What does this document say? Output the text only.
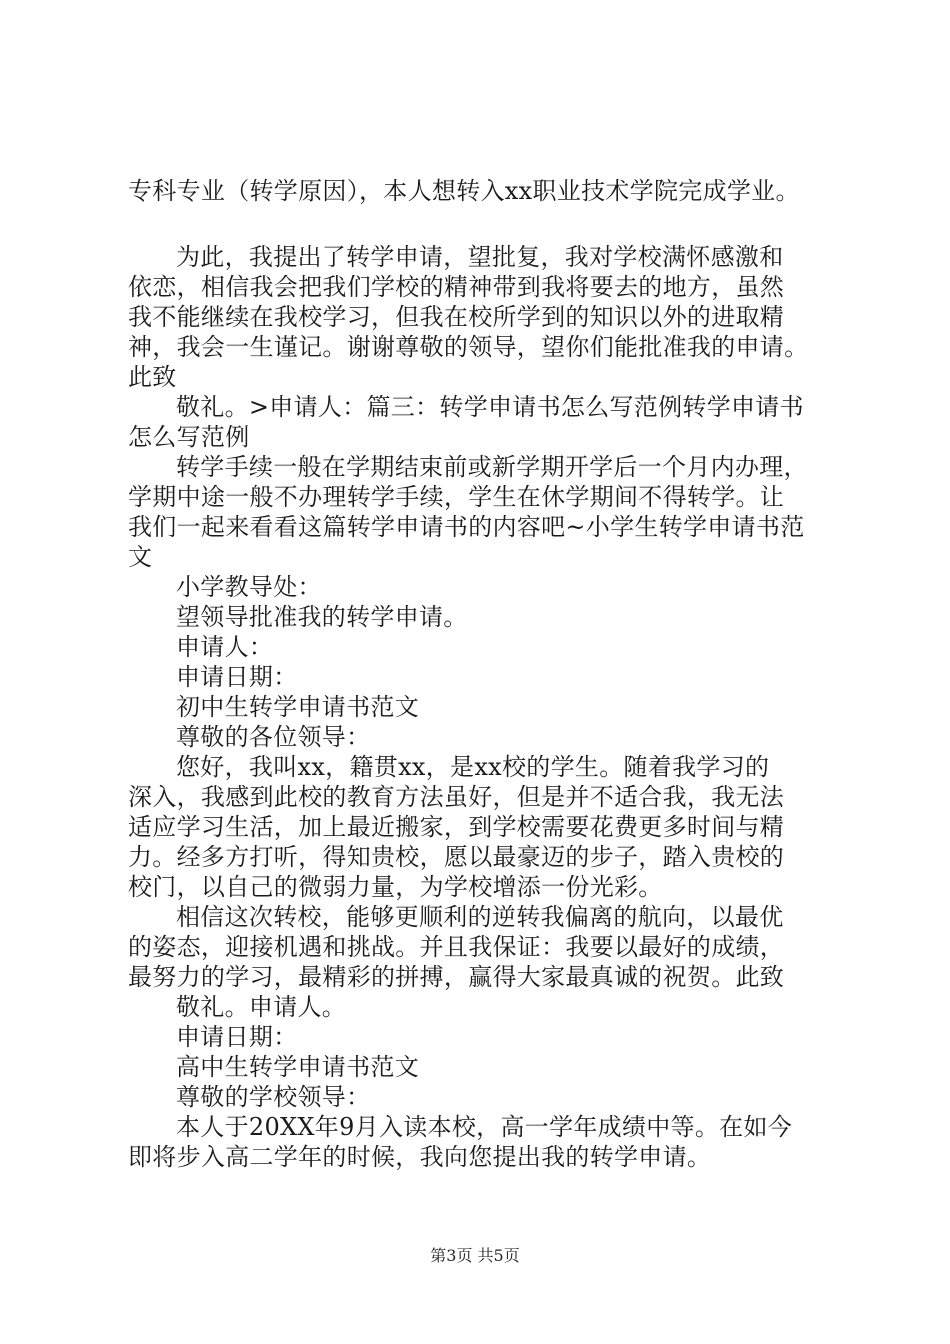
专科专业（转学原因），本人想转入xx职业技术学院完成学业。
为此，我提出了转学申请，望批复，我对学校满怀感激和
依恋，相信我会把我们学校的精神带到我将要去的地方，虽然
我不能继续在我校学习，但我在校所学到的知识以外的进取精
神，我会一生谨记。谢谢尊敬的领导，望你们能批准我的申请。
此致
敬礼。>申请人：篇三：转学申请书怎么写范例转学申请书
怎么写范例
转学手续一般在学期结束前或新学期开学后一个月内办理，
学期中途一般不办理转学手续，学生在休学期间不得转学。让
我们一起来看看这篇转学申请书的内容吧~小学生转学申请书范
文
小学教导处：
望领导批准我的转学申请。
申请人：
申请日期：
初中生转学申请书范文
尊敬的各位领导：
您好，我叫xx，籍贯xx，是xx校的学生。随着我学习的
深入，我感到此校的教育方法虽好，但是并不适合我，我无法
适应学习生活，加上最近搬家，到学校需要花费更多时间与精
力。经多方打听，得知贵校，愿以最豪迈的步子，踏入贵校的
校门，以自己的微弱力量，为学校增添一份光彩。
相信这次转校，能够更顺利的逆转我偏离的航向，以最优
的姿态，迎接机遇和挑战。并且我保证：我要以最好的成绩，
最努力的学习，最精彩的拼搏，赢得大家最真诚的祝贺。此致
敬礼。申请人。
申请日期：
高中生转学申请书范文
尊敬的学校领导：
本人于20XX年9月入读本校，高一学年成绩中等。在如今
即将步入高二学年的时候，我向您提出我的转学申请。
第3页 共5页
